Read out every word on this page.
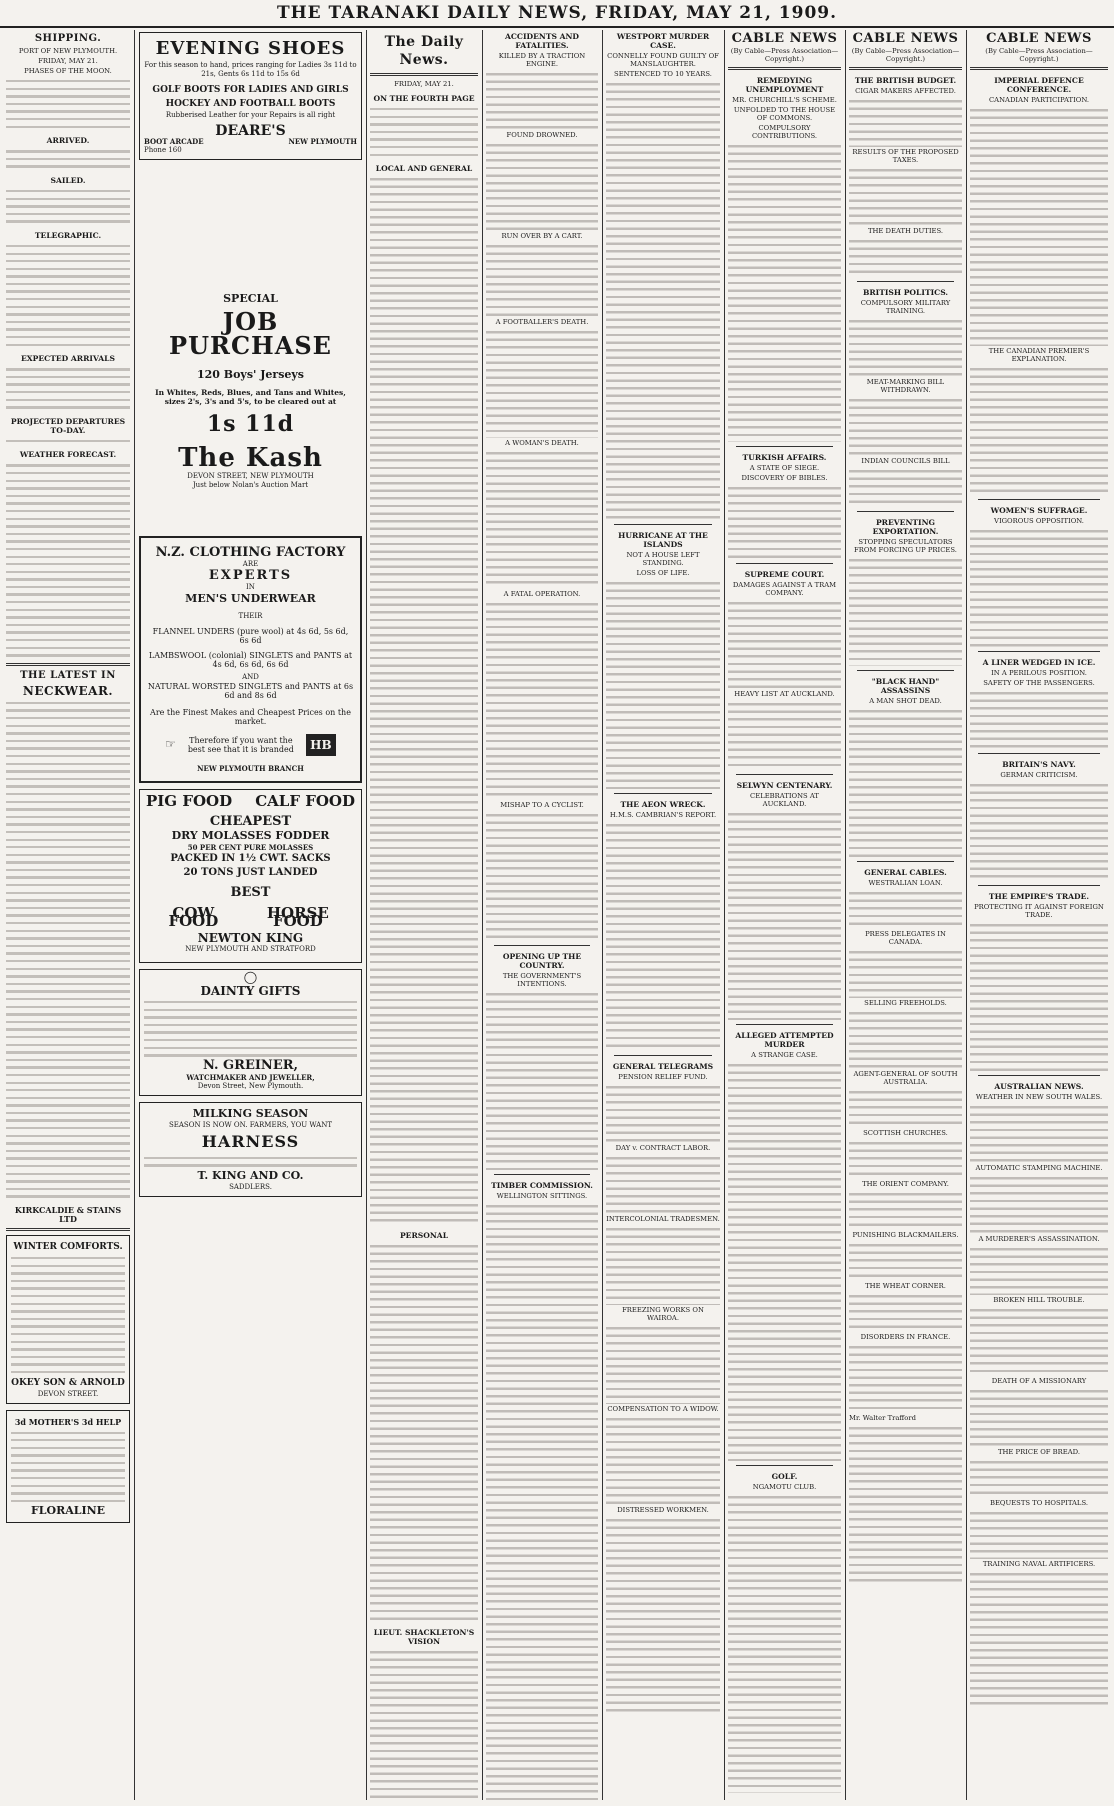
THE TARANAKI DAILY NEWS, FRIDAY, MAY 21, 1909.
SHIPPING.
PORT OF NEW PLYMOUTH.
FRIDAY, MAY 21.
PHASES OF THE MOON.
ARRIVED.
SAILED.
TELEGRAPHIC.
EXPECTED ARRIVALS
PROJECTED DEPARTURES TO-DAY.
WEATHER FORECAST.
THE LATEST IN
NECKWEAR.
KIRKCALDIE & STAINS LTD
WINTER COMFORTS.
OKEY SON & ARNOLD
DEVON STREET.
3d MOTHER'S 3d HELP
FLORALINE
EVENING SHOES
For this season to hand, prices ranging for Ladies 3s 11d to 21s, Gents 6s 11d to 15s 6d
GOLF BOOTS FOR LADIES AND GIRLS
HOCKEY AND FOOTBALL BOOTS
Rubberised Leather for your Repairs is all right
DEARE'S
BOOT ARCADE	NEW PLYMOUTH
Phone 160
SPECIAL
JOB PURCHASE
120 Boys' Jerseys
In Whites, Reds, Blues, and Tans and Whites, sizes 2's, 3's and 5's, to be cleared out at
1s 11d
The Kash
DEVON STREET, NEW PLYMOUTH
Just below Nolan's Auction Mart
N.Z. CLOTHING FACTORY
ARE
EXPERTS
IN
MEN'S UNDERWEAR
THEIR
FLANNEL UNDERS (pure wool) at 4s 6d, 5s 6d, 6s 6d
LAMBSWOOL (colonial) SINGLETS and PANTS at 4s 6d, 6s 6d, 6s 6d
AND
NATURAL WORSTED SINGLETS and PANTS at 6s 6d and 8s 6d
Are the Finest Makes and Cheapest Prices on the market.
☞	Therefore if you want the best see that it is branded	HB
NEW PLYMOUTH BRANCH
PIG FOOD CALF FOOD
CHEAPEST
DRY MOLASSES FODDER
50 PER CENT PURE MOLASSES
PACKED IN 1½ CWT. SACKS
20 TONS JUST LANDED
BEST
COW FOOD	HORSE FOOD
NEWTON KING
NEW PLYMOUTH AND STRATFORD
◯
DAINTY GIFTS
N. GREINER,
WATCHMAKER AND JEWELLER,
Devon Street, New Plymouth.
MILKING SEASON
SEASON IS NOW ON. FARMERS, YOU WANT
HARNESS
T. KING AND CO.
SADDLERS.
The Daily News.
FRIDAY, MAY 21.
ON THE FOURTH PAGE
LOCAL AND GENERAL
PERSONAL
LIEUT. SHACKLETON'S VISION
ACCIDENTS AND FATALITIES.
KILLED BY A TRACTION ENGINE.
FOUND DROWNED.
RUN OVER BY A CART.
A FOOTBALLER'S DEATH.
A WOMAN'S DEATH.
A FATAL OPERATION.
MISHAP TO A CYCLIST.
OPENING UP THE COUNTRY.
THE GOVERNMENT'S INTENTIONS.
TIMBER COMMISSION.
WELLINGTON SITTINGS.
WESTPORT MURDER CASE.
CONNELLY FOUND GUILTY OF MANSLAUGHTER.
SENTENCED TO 10 YEARS.
HURRICANE AT THE ISLANDS
NOT A HOUSE LEFT STANDING.
LOSS OF LIFE.
THE AEON WRECK.
H.M.S. CAMBRIAN'S REPORT.
GENERAL TELEGRAMS
PENSION RELIEF FUND.
DAY v. CONTRACT LABOR.
INTERCOLONIAL TRADESMEN.
FREEZING WORKS ON WAIROA.
COMPENSATION TO A WIDOW.
DISTRESSED WORKMEN.
CABLE NEWS
(By Cable—Press Association—Copyright.)
REMEDYING UNEMPLOYMENT
MR. CHURCHILL'S SCHEME.
UNFOLDED TO THE HOUSE OF COMMONS.
COMPULSORY CONTRIBUTIONS.
TURKISH AFFAIRS.
A STATE OF SIEGE.
DISCOVERY OF BIBLES.
SUPREME COURT.
DAMAGES AGAINST A TRAM COMPANY.
HEAVY LIST AT AUCKLAND.
SELWYN CENTENARY.
CELEBRATIONS AT AUCKLAND.
ALLEGED ATTEMPTED MURDER
A STRANGE CASE.
GOLF.
NGAMOTU CLUB.
CABLE NEWS
(By Cable—Press Association—Copyright.)
THE BRITISH BUDGET.
CIGAR MAKERS AFFECTED.
RESULTS OF THE PROPOSED TAXES.
THE DEATH DUTIES.
BRITISH POLITICS.
COMPULSORY MILITARY TRAINING.
MEAT-MARKING BILL WITHDRAWN.
INDIAN COUNCILS BILL
PREVENTING EXPORTATION.
STOPPING SPECULATORS FROM FORCING UP PRICES.
"BLACK HAND" ASSASSINS
A MAN SHOT DEAD.
GENERAL CABLES.
WESTRALIAN LOAN.
PRESS DELEGATES IN CANADA.
SELLING FREEHOLDS.
AGENT-GENERAL OF SOUTH AUSTRALIA.
SCOTTISH CHURCHES.
THE ORIENT COMPANY.
PUNISHING BLACKMAILERS.
THE WHEAT CORNER.
DISORDERS IN FRANCE.
Mr. Walter Trafford
CABLE NEWS
(By Cable—Press Association—Copyright.)
IMPERIAL DEFENCE CONFERENCE.
CANADIAN PARTICIPATION.
THE CANADIAN PREMIER'S EXPLANATION.
WOMEN'S SUFFRAGE.
VIGOROUS OPPOSITION.
A LINER WEDGED IN ICE.
IN A PERILOUS POSITION.
SAFETY OF THE PASSENGERS.
BRITAIN'S NAVY.
GERMAN CRITICISM.
THE EMPIRE'S TRADE.
PROTECTING IT AGAINST FOREIGN TRADE.
AUSTRALIAN NEWS.
WEATHER IN NEW SOUTH WALES.
AUTOMATIC STAMPING MACHINE.
A MURDERER'S ASSASSINATION.
BROKEN HILL TROUBLE.
DEATH OF A MISSIONARY
THE PRICE OF BREAD.
BEQUESTS TO HOSPITALS.
TRAINING NAVAL ARTIFICERS.
